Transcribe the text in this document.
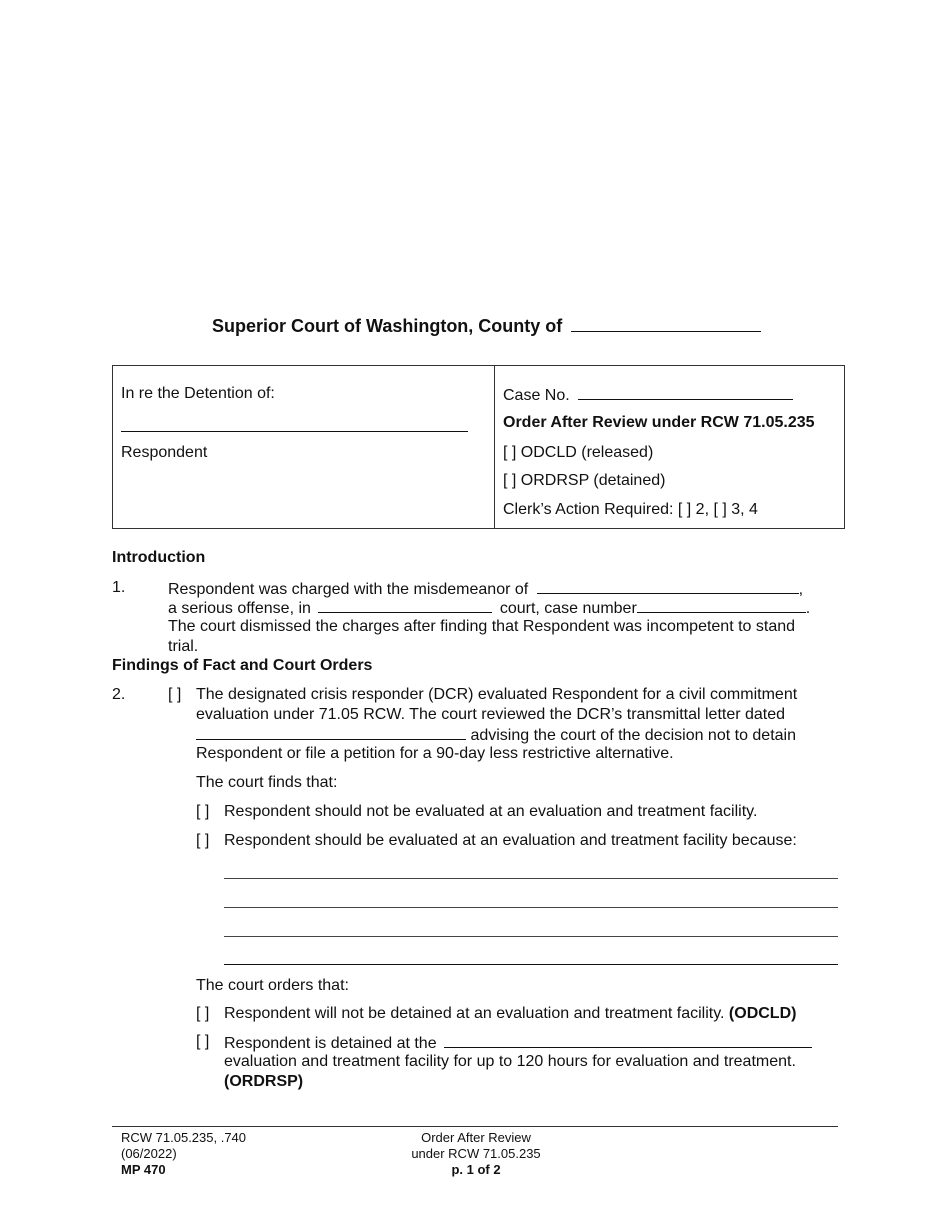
Superior Court of Washington, County of
In re the Detention of:
Respondent
Case No.
Order After Review under RCW 71.05.235
[ ] ODCLD (released)
[ ] ORDRSP (detained)
Clerk’s Action Required: [ ] 2, [ ] 3, 4
Introduction
1.	Respondent was charged with the misdemeanor of	,
a serious offense, in	court, case number	.
The court dismissed the charges after finding that Respondent was incompetent to stand
trial.
Findings of Fact and Court Orders
2.	[ ] The designated crisis responder (DCR) evaluated Respondent for a civil commitment
evaluation under 71.05 RCW. The court reviewed the DCR’s transmittal letter dated
advising the court of the decision not to detain
Respondent or file a petition for a 90-day less restrictive alternative.
The court finds that:
[ ] Respondent should not be evaluated at an evaluation and treatment facility.
[ ] Respondent should be evaluated at an evaluation and treatment facility because:
The court orders that:
[ ] Respondent will not be detained at an evaluation and treatment facility. (ODCLD)
[ ] Respondent is detained at the
evaluation and treatment facility for up to 120 hours for evaluation and treatment.
(ORDRSP)
RCW 71.05.235, .740
(06/2022)
MP 470
Order After Review
under RCW 71.05.235
p. 1 of 2
